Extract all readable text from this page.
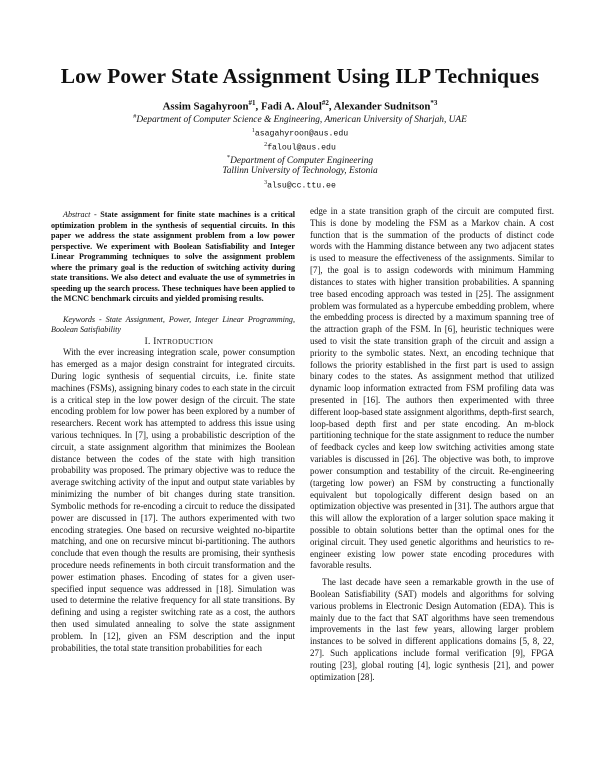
Low Power State Assignment Using ILP Techniques
Assim Sagahyroon$^{\#1}$, Fadi A. Aloul$^{\#2}$, Alexander Sudnitson$^{*3}$
#Department of Computer Science & Engineering, American University of Sharjah, UAE
$^1$asagahyroon@aus.edu
$^2$faloul@aus.edu
*Department of Computer Engineering
Tallinn University of Technology, Estonia
$^3$alsu@cc.ttu.ee

Abstract - State assignment for finite state machines is a critical optimization problem in the synthesis of sequential circuits. In this paper we address the state assignment problem from a low power perspective. We experiment with Boolean Satisfiability and Integer Linear Programming techniques to solve the assignment problem where the primary goal is the reduction of switching activity during state transitions. We also detect and evaluate the use of symmetries in speeding up the search process. These techniques have been applied to the MCNC benchmark circuits and yielded promising results.

Keywords - State Assignment, Power, Integer Linear Programming, Boolean Satisfiability

I. INTRODUCTION

With the ever increasing integration scale, power consumption has emerged as a major design constraint for integrated circuits. During logic synthesis of sequential circuits, i.e. finite state machines (FSMs), assigning binary codes to each state in the circuit is a critical step in the low power design of the circuit. The state encoding problem for low power has been explored by a number of researchers. Recent work has attempted to address this issue using various techniques. In [7], using a probabilistic description of the circuit, a state assignment algorithm that minimizes the Boolean distance between the codes of the state with high transition probability was proposed. The primary objective was to reduce the average switching activity of the input and output state variables by minimizing the number of bit changes during state transition. Symbolic methods for re-encoding a circuit to reduce the dissipated power are discussed in [17]. The authors experimented with two encoding strategies. One based on recursive weighted no-bipartite matching, and one on recursive mincut bi-partitioning. The authors conclude that even though the results are promising, their synthesis procedure needs refinements in both circuit transformation and the power estimation phases. Encoding of states for a given user-specified input sequence was addressed in [18]. Simulation was used to determine the relative frequency for all state transitions. By defining and using a register switching rate as a cost, the authors then used simulated annealing to solve the state assignment problem. In [12], given an FSM description and the input probabilities, the total state transition probabilities for each

edge in a state transition graph of the circuit are computed first. This is done by modeling the FSM as a Markov chain. A cost function that is the summation of the products of distinct code words with the Hamming distance between any two adjacent states is used to measure the effectiveness of the assignments. Similar to [7], the goal is to assign codewords with minimum Hamming distances to states with higher transition probabilities. A spanning tree based encoding approach was tested in [25]. The assignment problem was formulated as a hypercube embedding problem, where the embedding process is directed by a maximum spanning tree of the attraction graph of the FSM. In [6], heuristic techniques were used to visit the state transition graph of the circuit and assign a priority to the symbolic states. Next, an encoding technique that follows the priority established in the first part is used to assign binary codes to the states. As assignment method that utilized dynamic loop information extracted from FSM profiling data was presented in [16]. The authors then experimented with three different loop-based state assignment algorithms, depth-first search, loop-based depth first and per state encoding. An m-block partitioning technique for the state assignment to reduce the number of feedback cycles and keep low switching activities among state variables is discussed in [26]. The objective was both, to improve power consumption and testability of the circuit. Re-engineering (targeting low power) an FSM by constructing a functionally equivalent but topologically different design based on an optimization objective was presented in [31]. The authors argue that this will allow the exploration of a larger solution space making it possible to obtain solutions better than the optimal ones for the original circuit. They used genetic algorithms and heuristics to re-engineer existing low power state encoding procedures with favorable results.

The last decade have seen a remarkable growth in the use of Boolean Satisfiability (SAT) models and algorithms for solving various problems in Electronic Design Automation (EDA). This is mainly due to the fact that SAT algorithms have seen tremendous improvements in the last few years, allowing larger problem instances to be solved in different applications domains [5, 8, 22, 27]. Such applications include formal verification [9], FPGA routing [23], global routing [4], logic synthesis [21], and power optimization [28].
